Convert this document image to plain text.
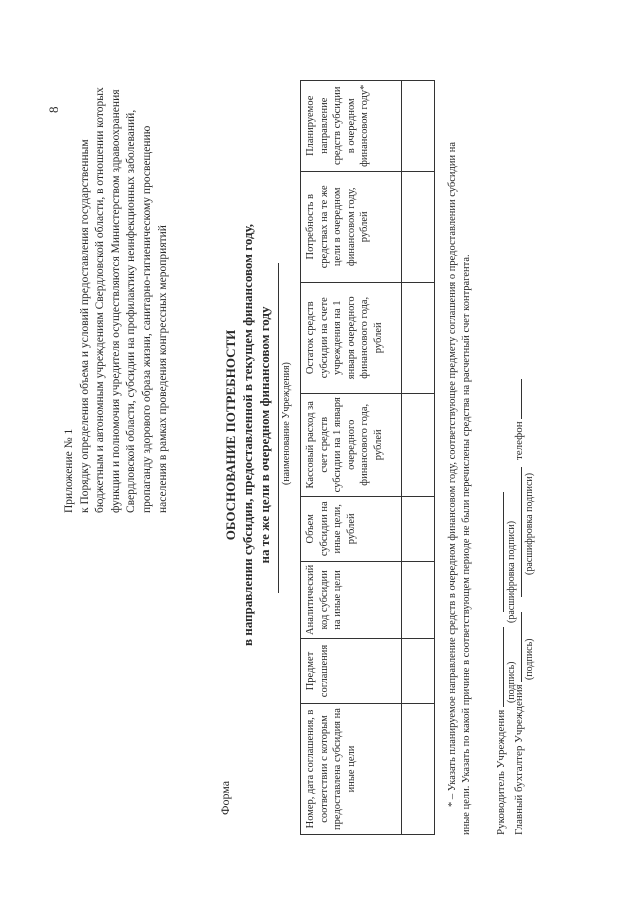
8
Приложение № 1 к Порядку определения объема и условий предоставления государственным бюджетным и автономным учреждениям Свердловской области, в отношении которых функции и полномочия учредителя осуществляются Министерством здравоохранения Свердловской области, субсидии на профилактику неинфекционных заболеваний, пропаганду здорового образа жизни, санитарно-гигиеническому просвещению населения в рамках проведения конгрессных мероприятий
Форма
ОБОСНОВАНИЕ ПОТРЕБНОСТИ в направлении субсидии, предоставленной в текущем финансовом году, на те же цели в очередном финансовом году (наименование Учреждения)
Номер, дата соглашения, в соответствии с которым предоставлена субсидия на иные цели	Предмет соглашения	Аналитический код субсидии на иные цели	Объем субсидии на иные цели, рублей	Кассовый расход за счет средств субсидии на 1 января очередного финансового года, рублей	Остаток средств субсидии на счете учреждения на 1 января очередного финансового года, рублей	Потребность в средствах на те же цели в очередном финансовом году, рублей	Планируемое направление средств субсидии в очередном финансовом году*

* – Указать планируемое направление средств в очередном финансовом году, соответствующее предмету соглашения о предоставлении субсидии на иные цели. Указать по какой причине в соответствующем периоде не были перечислены средства на расчетный счет контрагента. Руководитель Учреждения
(подпись)
(расшифровка подписи)
Главный бухгалтер Учреждения   телефон
(подпись)
(расшифровка подписи)
